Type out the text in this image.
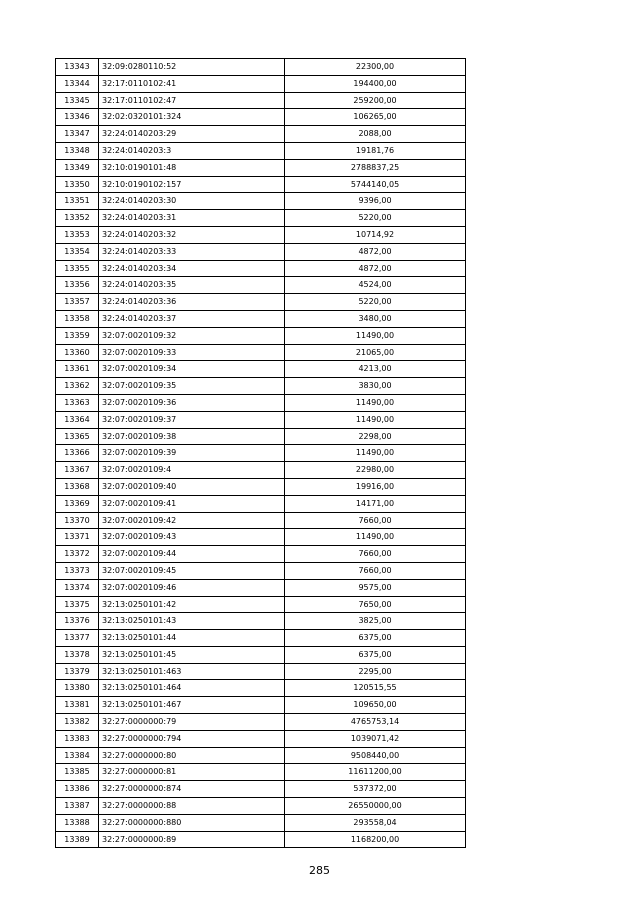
13343	32:09:0280110:52	22300,00
13344	32:17:0110102:41	194400,00
13345	32:17:0110102:47	259200,00
13346	32:02:0320101:324	106265,00
13347	32:24:0140203:29	2088,00
13348	32:24:0140203:3	19181,76
13349	32:10:0190101:48	2788837,25
13350	32:10:0190102:157	5744140,05
13351	32:24:0140203:30	9396,00
13352	32:24:0140203:31	5220,00
13353	32:24:0140203:32	10714,92
13354	32:24:0140203:33	4872,00
13355	32:24:0140203:34	4872,00
13356	32:24:0140203:35	4524,00
13357	32:24:0140203:36	5220,00
13358	32:24:0140203:37	3480,00
13359	32:07:0020109:32	11490,00
13360	32:07:0020109:33	21065,00
13361	32:07:0020109:34	4213,00
13362	32:07:0020109:35	3830,00
13363	32:07:0020109:36	11490,00
13364	32:07:0020109:37	11490,00
13365	32:07:0020109:38	2298,00
13366	32:07:0020109:39	11490,00
13367	32:07:0020109:4	22980,00
13368	32:07:0020109:40	19916,00
13369	32:07:0020109:41	14171,00
13370	32:07:0020109:42	7660,00
13371	32:07:0020109:43	11490,00
13372	32:07:0020109:44	7660,00
13373	32:07:0020109:45	7660,00
13374	32:07:0020109:46	9575,00
13375	32:13:0250101:42	7650,00
13376	32:13:0250101:43	3825,00
13377	32:13:0250101:44	6375,00
13378	32:13:0250101:45	6375,00
13379	32:13:0250101:463	2295,00
13380	32:13:0250101:464	120515,55
13381	32:13:0250101:467	109650,00
13382	32:27:0000000:79	4765753,14
13383	32:27:0000000:794	1039071,42
13384	32:27:0000000:80	9508440,00
13385	32:27:0000000:81	11611200,00
13386	32:27:0000000:874	537372,00
13387	32:27:0000000:88	26550000,00
13388	32:27:0000000:880	293558,04
13389	32:27:0000000:89	1168200,00
285
